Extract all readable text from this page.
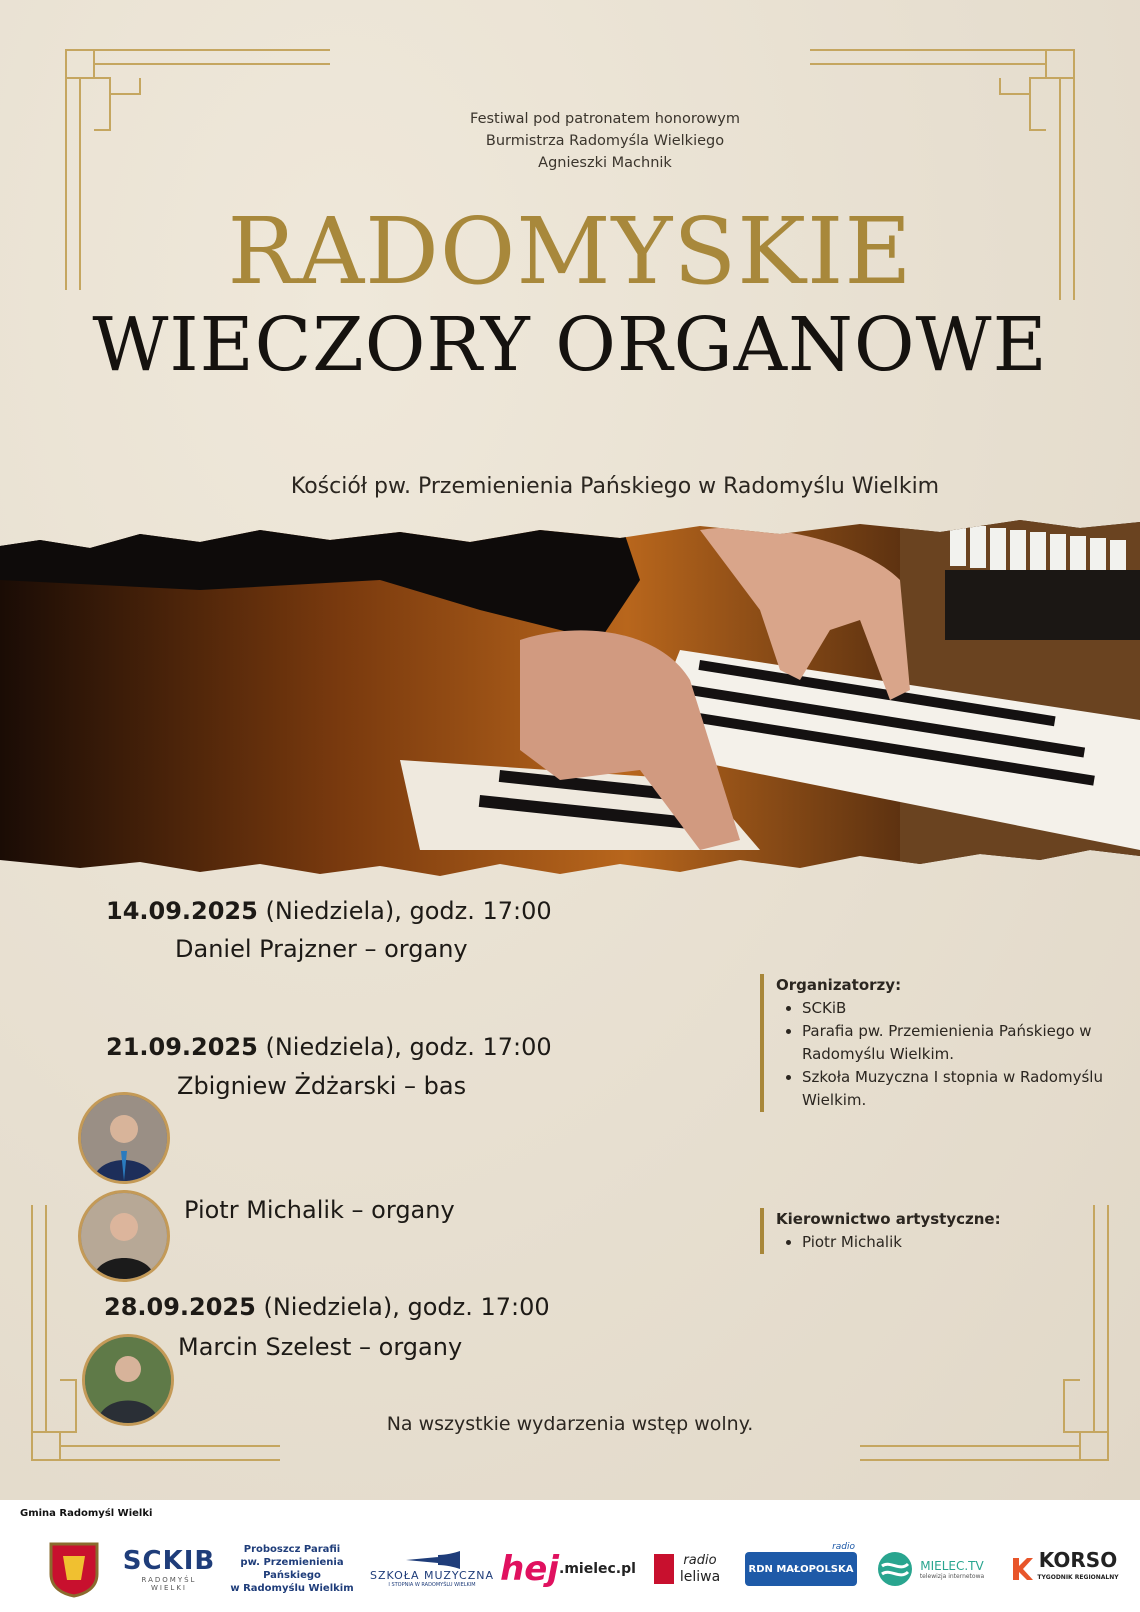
Festiwal pod patronatem honorowym
Burmistrza Radomyśla Wielkiego
Agnieszki Machnik
RADOMYSKIE
WIECZORY ORGANOWE
Kościół pw. Przemienienia Pańskiego w Radomyślu Wielkim
14.09.2025 (Niedziela), godz. 17:00
Daniel Prajzner – organy
21.09.2025 (Niedziela), godz. 17:00
Zbigniew Żdżarski – bas
Piotr Michalik – organy
28.09.2025 (Niedziela), godz. 17:00
Marcin Szelest – organy
Organizatorzy:
• SCKiB
• Parafia pw. Przemienienia Pańskiego w Radomyślu Wielkim.
• Szkoła Muzyczna I stopnia w Radomyślu Wielkim.
Kierownictwo artystyczne:
• Piotr Michalik
Na wszystkie wydarzenia wstęp wolny.
Gmina Radomyśl Wielki
SCKIB
RADOMYŚL WIELKI
Proboszcz Parafii
pw. Przemienienia Pańskiego
w Radomyślu Wielkim
SZKOŁA MUZYCZNA
I STOPNIA W RADOMYŚLU WIELKIM hej .mielec.pl
radio
leliwa	RDN MAŁOPOLSKA
radio
MIELEC.TV
telewizja internetowa
KORSO
TYGODNIK REGIONALNY
